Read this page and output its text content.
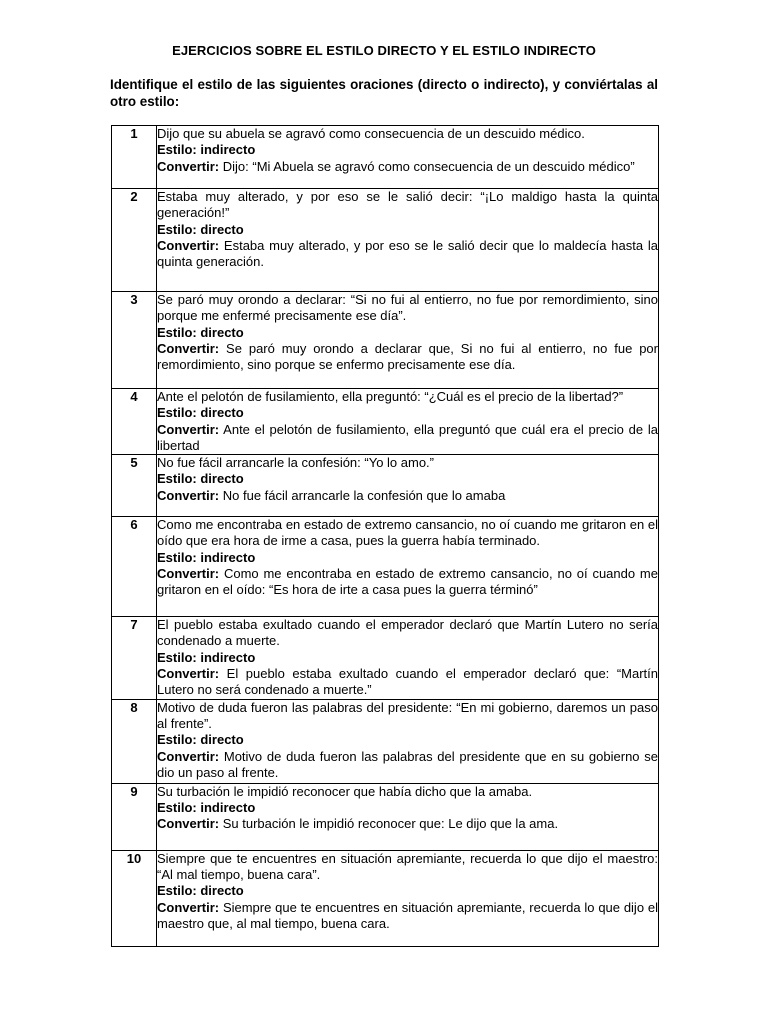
EJERCICIOS SOBRE EL ESTILO DIRECTO Y EL ESTILO INDIRECTO
Identifique el estilo de las siguientes oraciones (directo o indirecto), y conviértalas al otro estilo:
1	Dijo que su abuela se agravó como consecuencia de un descuido médico.
Estilo: indirecto
Convertir: Dijo: “Mi Abuela se agravó como consecuencia de un descuido médico”

2	Estaba muy alterado, y por eso se le salió decir: “¡Lo maldigo hasta la quinta generación!”
Estilo: directo
Convertir: Estaba muy alterado, y por eso se le salió decir que lo maldecía hasta la quinta generación.

3	Se paró muy orondo a declarar: “Si no fui al entierro, no fue por remordimiento, sino porque me enfermé precisamente ese día”.
Estilo: directo
Convertir: Se paró muy orondo a declarar que, Si no fui al entierro, no fue por remordimiento, sino porque se enfermo precisamente ese día.

4	Ante el pelotón de fusilamiento, ella preguntó: “¿Cuál es el precio de la libertad?”
Estilo: directo
Convertir: Ante el pelotón de fusilamiento, ella preguntó que cuál era el precio de la libertad

5	No fue fácil arrancarle la confesión: “Yo lo amo.”
Estilo: directo
Convertir: No fue fácil arrancarle la confesión que lo amaba

6	Como me encontraba en estado de extremo cansancio, no oí cuando me gritaron en el oído que era hora de irme a casa, pues la guerra había terminado.
Estilo: indirecto
Convertir: Como me encontraba en estado de extremo cansancio, no oí cuando me gritaron en el oído: “Es hora de irte a casa pues la guerra términó”

7	El pueblo estaba exultado cuando el emperador declaró que Martín Lutero no sería condenado a muerte.
Estilo: indirecto
Convertir: El pueblo estaba exultado cuando el emperador declaró que: “Martín Lutero no será condenado a muerte.”

8	Motivo de duda fueron las palabras del presidente: “En mi gobierno, daremos un paso al frente”.
Estilo: directo
Convertir: Motivo de duda fueron las palabras del presidente que en su gobierno se dio un paso al frente.

9	Su turbación le impidió reconocer que había dicho que la amaba.
Estilo: indirecto
Convertir: Su turbación le impidió reconocer que: Le dijo que la ama.

10	Siempre que te encuentres en situación apremiante, recuerda lo que dijo el maestro: “Al mal tiempo, buena cara”.
Estilo: directo
Convertir: Siempre que te encuentres en situación apremiante, recuerda lo que dijo el maestro que, al mal tiempo, buena cara.
